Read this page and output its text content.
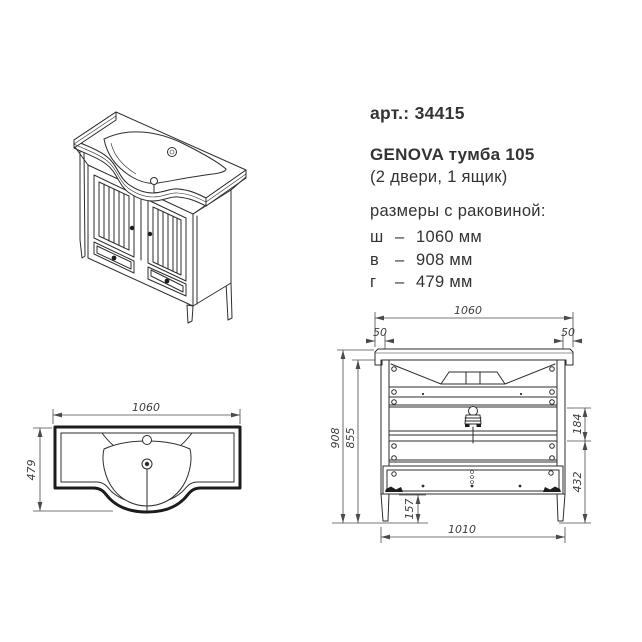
арт.: 34415
GENOVA тумба 105
(2 двери, 1 ящик)
размеры с раковиной:
ш – 1060 мм
в – 908 мм
г	– 479 мм
1060
479
1060
50	50
908 855
184
432
157
1010
